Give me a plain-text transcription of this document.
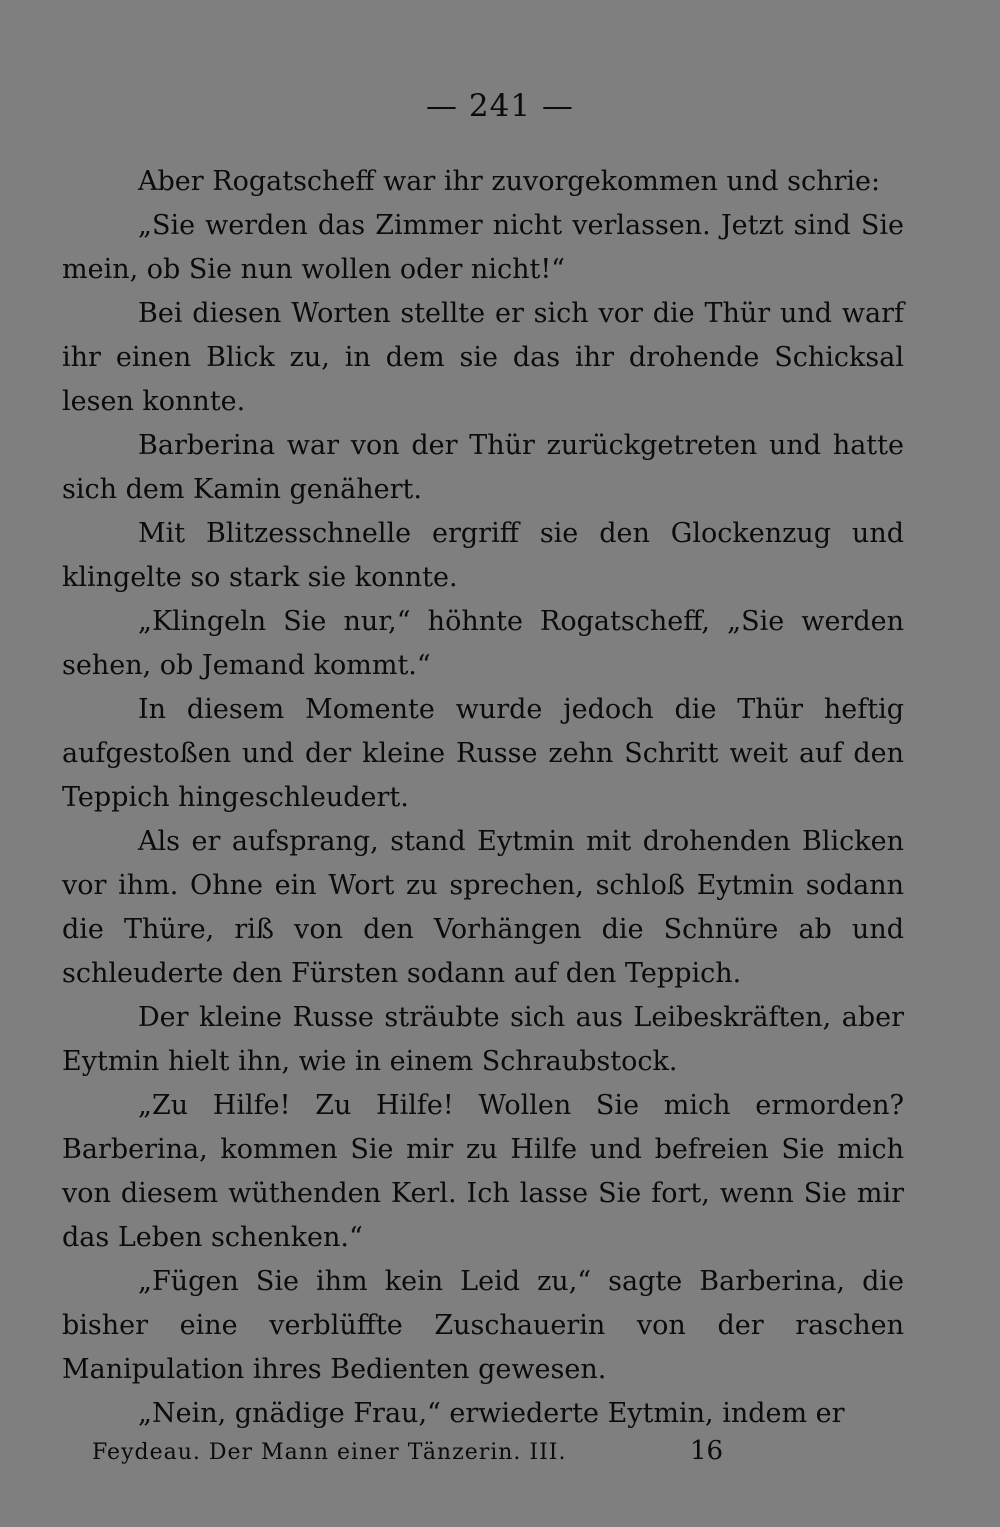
— 241 —

Aber Rogatscheff war ihr zuvorgekommen und schrie:

„Sie werden das Zimmer nicht verlassen. Jetzt sind Sie mein, ob Sie nun wollen oder nicht!“

Bei diesen Worten stellte er sich vor die Thür und warf ihr einen Blick zu, in dem sie das ihr drohende Schicksal lesen konnte.

Barberina war von der Thür zurückgetreten und hatte sich dem Kamin genähert.

Mit Blitzesschnelle ergriff sie den Glockenzug und klingelte so stark sie konnte.

„Klingeln Sie nur,“ höhnte Rogatscheff, „Sie werden sehen, ob Jemand kommt.“

In diesem Momente wurde jedoch die Thür heftig aufgestoßen und der kleine Russe zehn Schritt weit auf den Teppich hingeschleudert.

Als er aufsprang, stand Eytmin mit drohenden Blicken vor ihm. Ohne ein Wort zu sprechen, schloß Eytmin sodann die Thüre, riß von den Vorhängen die Schnüre ab und schleuderte den Fürsten sodann auf den Teppich.

Der kleine Russe sträubte sich aus Leibeskräften, aber Eytmin hielt ihn, wie in einem Schraubstock.

„Zu Hilfe! Zu Hilfe! Wollen Sie mich ermorden? Barberina, kommen Sie mir zu Hilfe und befreien Sie mich von diesem wüthenden Kerl. Ich lasse Sie fort, wenn Sie mir das Leben schenken.“

„Fügen Sie ihm kein Leid zu,“ sagte Barberina, die bisher eine verblüffte Zuschauerin von der raschen Manipulation ihres Bedienten gewesen.

„Nein, gnädige Frau,“ erwiederte Eytmin, indem er

Feydeau. Der Mann einer Tänzerin. III.	16
